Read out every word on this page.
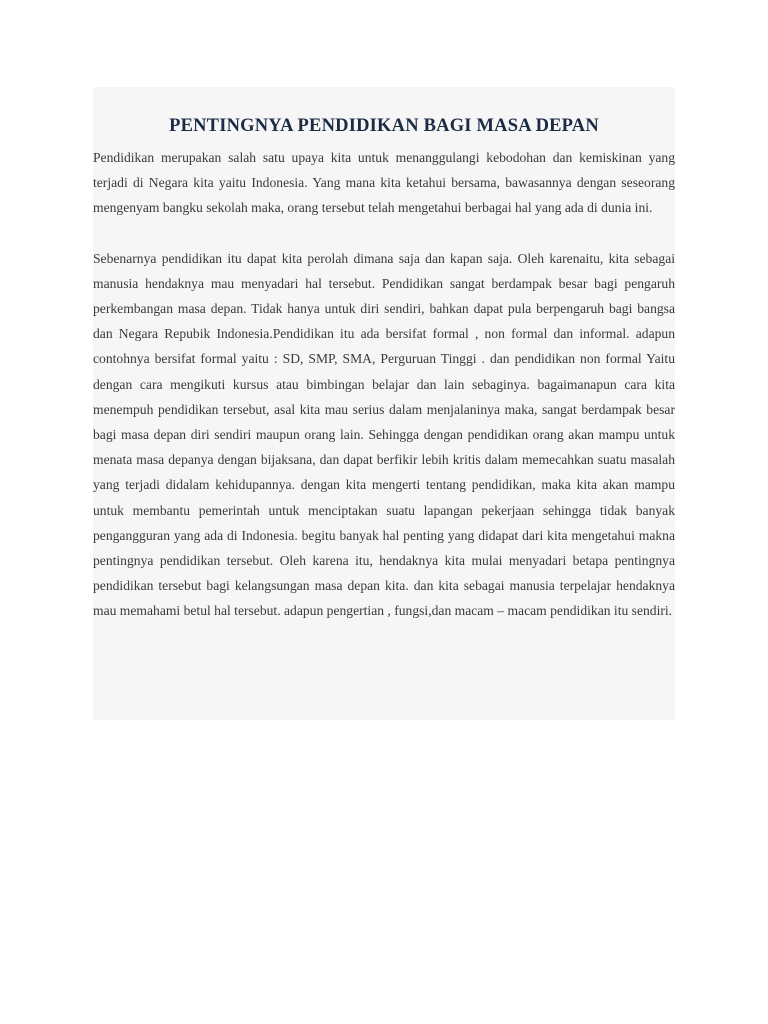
PENTINGNYA PENDIDIKAN BAGI MASA DEPAN

Pendidikan merupakan salah satu upaya kita untuk menanggulangi kebodohan dan kemiskinan yang terjadi di Negara kita yaitu Indonesia. Yang mana kita ketahui bersama, bawasannya dengan seseorang mengenyam bangku sekolah maka, orang tersebut telah mengetahui berbagai hal yang ada di dunia ini.

Sebenarnya pendidikan itu dapat kita perolah dimana saja dan kapan saja. Oleh karenaitu, kita sebagai manusia hendaknya mau menyadari hal tersebut. Pendidikan sangat berdampak besar bagi pengaruh perkembangan masa depan. Tidak hanya untuk diri sendiri, bahkan dapat pula berpengaruh bagi bangsa dan Negara Repubik Indonesia.Pendidikan itu ada bersifat formal , non formal dan informal. adapun contohnya bersifat formal yaitu : SD, SMP, SMA, Perguruan Tinggi . dan pendidikan non formal Yaitu dengan cara mengikuti kursus atau bimbingan belajar dan lain sebaginya. bagaimanapun cara kita menempuh pendidikan tersebut, asal kita mau serius dalam menjalaninya maka, sangat berdampak besar bagi masa depan diri sendiri maupun orang lain. Sehingga dengan pendidikan orang akan mampu untuk menata masa depanya dengan bijaksana, dan dapat berfikir lebih kritis dalam memecahkan suatu masalah yang terjadi didalam kehidupannya. dengan kita mengerti tentang pendidikan, maka kita akan mampu untuk membantu pemerintah untuk menciptakan suatu lapangan pekerjaan sehingga tidak banyak pengangguran yang ada di Indonesia. begitu banyak hal penting yang didapat dari kita mengetahui makna pentingnya pendidikan tersebut. Oleh karena itu, hendaknya kita mulai menyadari betapa pentingnya pendidikan tersebut bagi kelangsungan masa depan kita. dan kita sebagai manusia terpelajar hendaknya mau memahami betul hal tersebut. adapun pengertian , fungsi,dan macam – macam pendidikan itu sendiri.
